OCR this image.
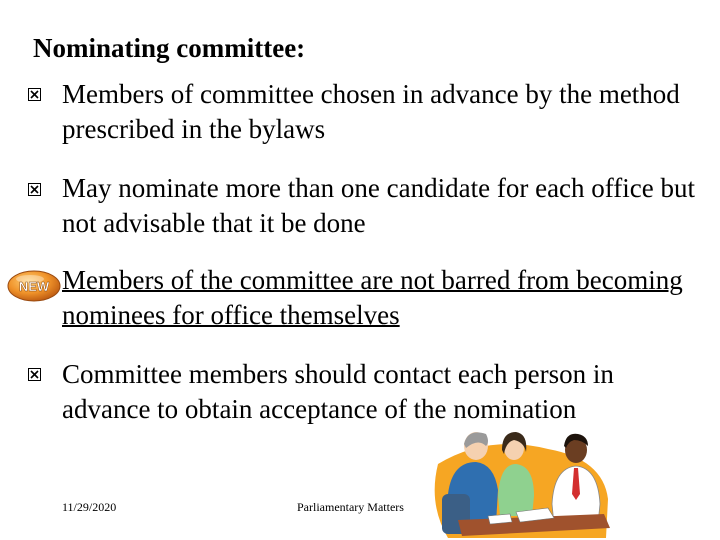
Nominating committee:
Members of committee chosen in advance by the method prescribed in the bylaws
May nominate more than one candidate for each office but not advisable that it be done
NEW Members of the committee are not barred from becoming nominees for office themselves
Committee members should contact each person in advance to obtain acceptance of the nomination
11/29/2020	Parliamentary Matters
